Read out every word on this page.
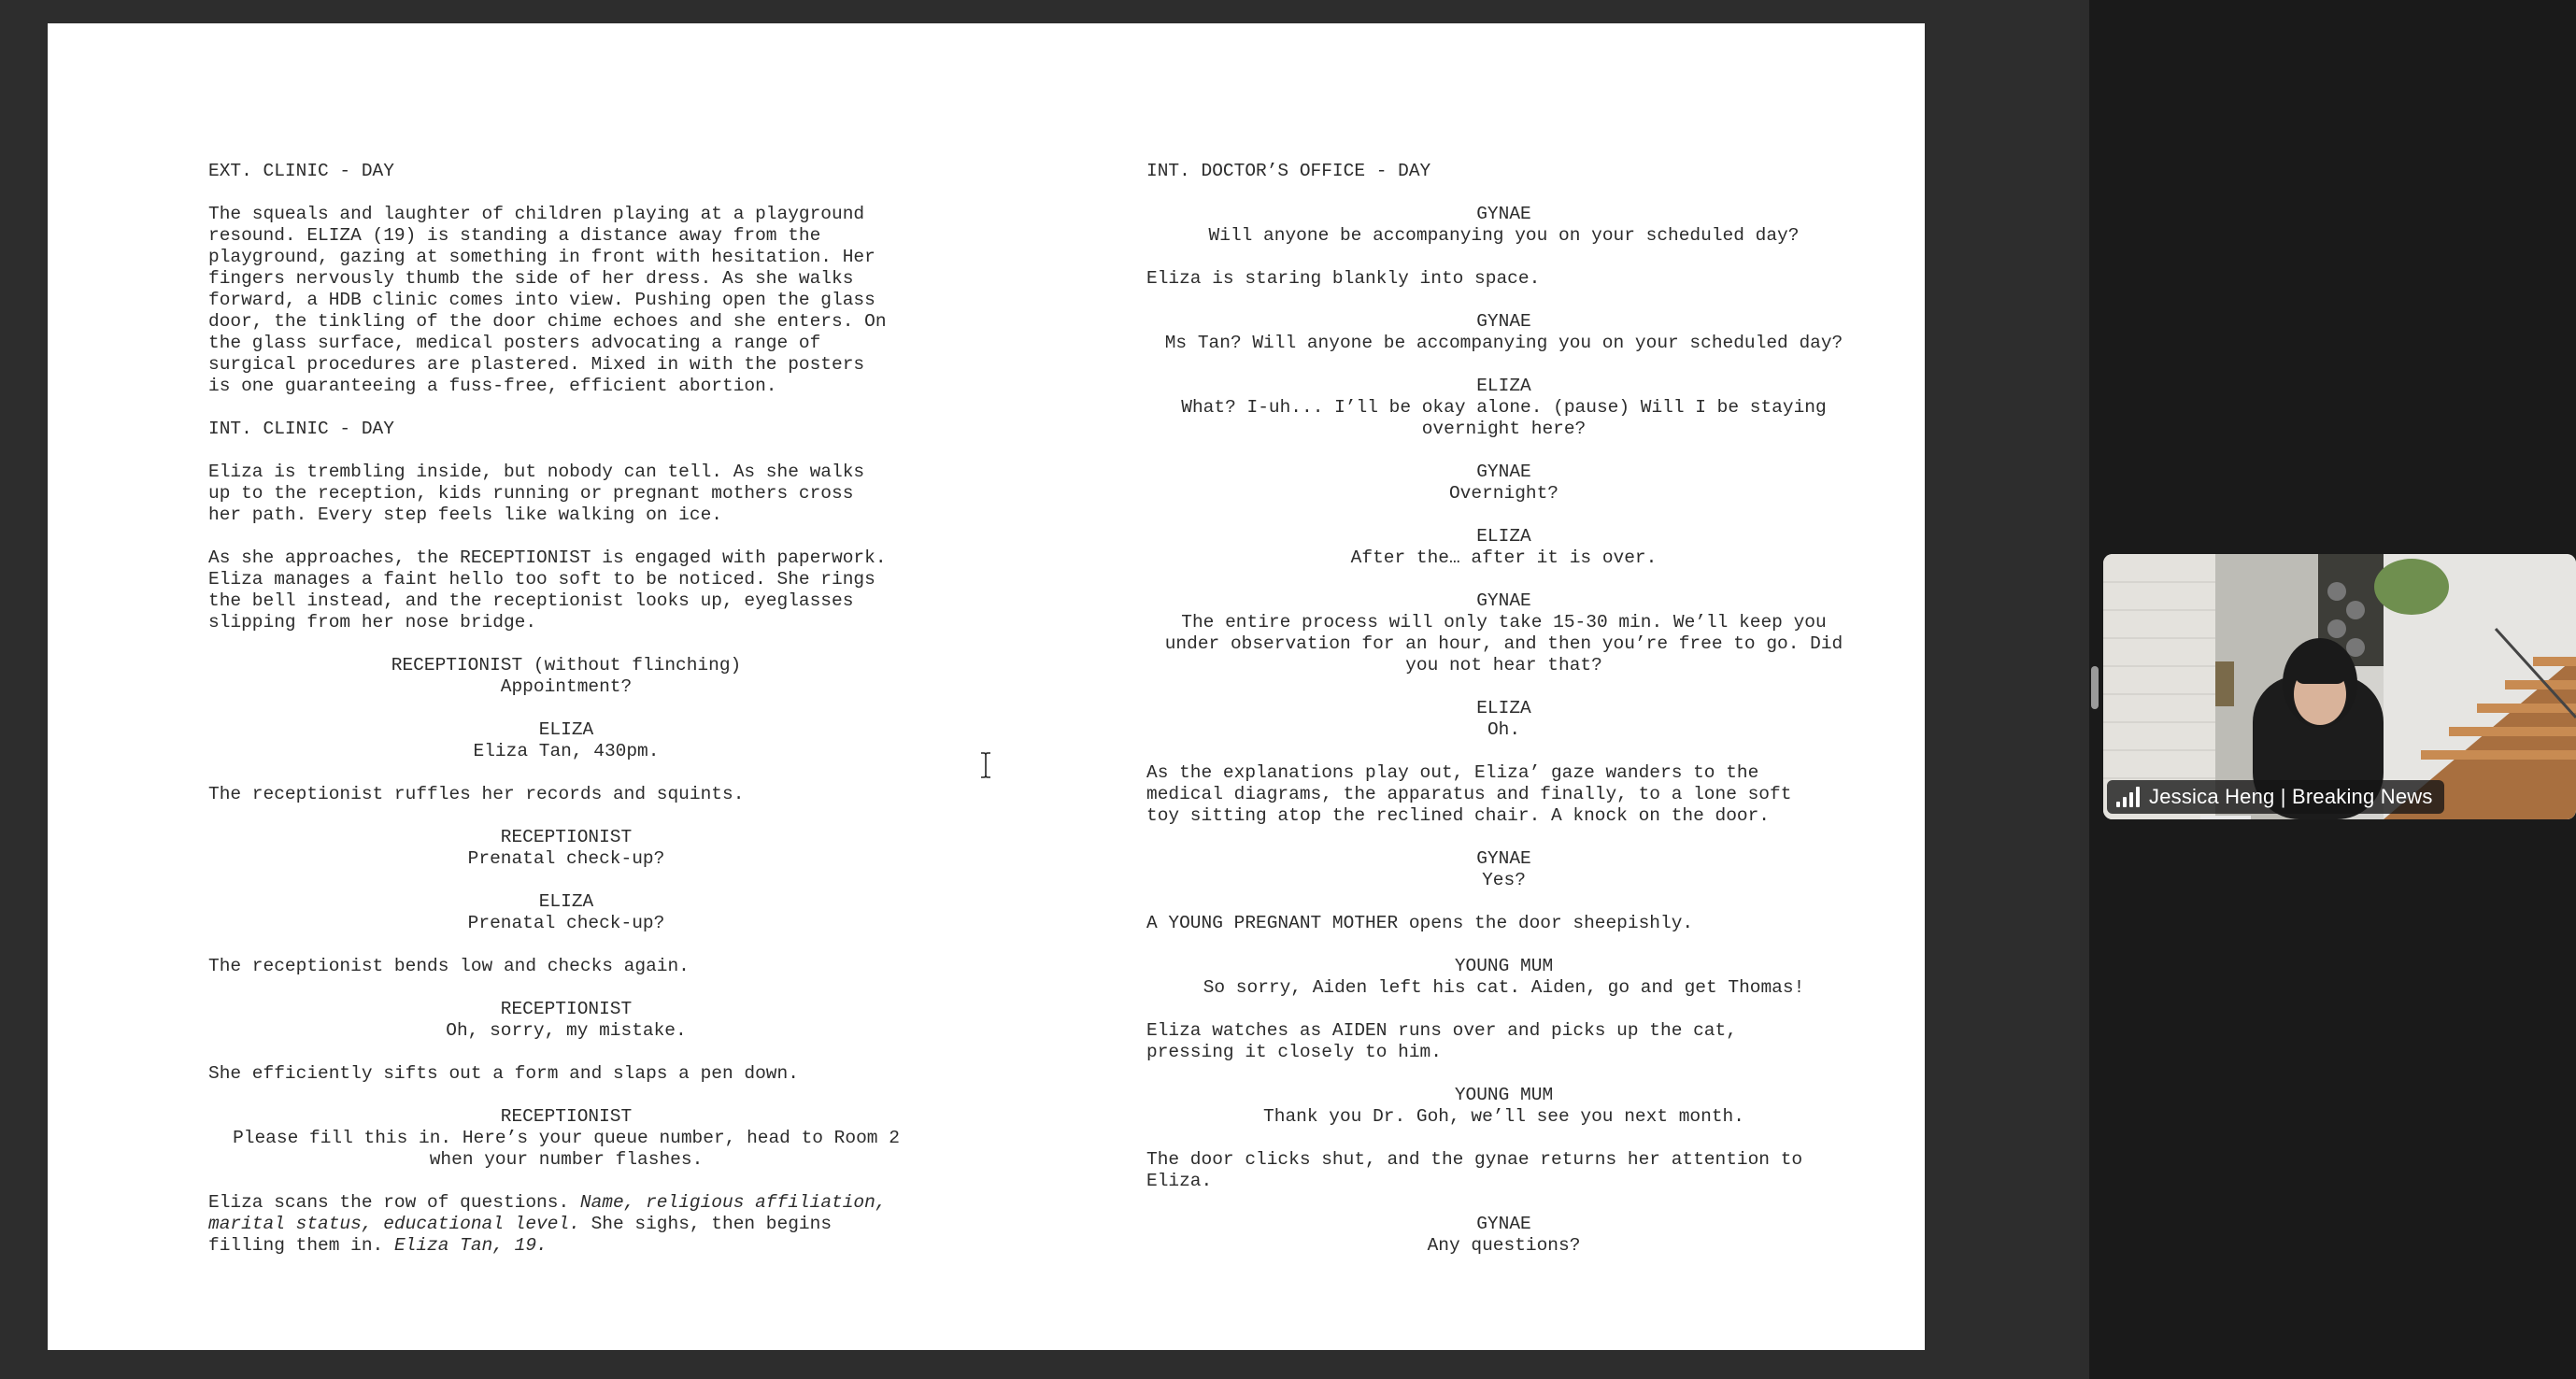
EXT. CLINIC - DAY
The squeals and laughter of children playing at a playground
resound. ELIZA (19) is standing a distance away from the
playground, gazing at something in front with hesitation. Her
fingers nervously thumb the side of her dress. As she walks
forward, a HDB clinic comes into view. Pushing open the glass
door, the tinkling of the door chime echoes and she enters. On
the glass surface, medical posters advocating a range of
surgical procedures are plastered. Mixed in with the posters
is one guaranteeing a fuss-free, efficient abortion.
INT. CLINIC - DAY
Eliza is trembling inside, but nobody can tell. As she walks
up to the reception, kids running or pregnant mothers cross
her path. Every step feels like walking on ice.
As she approaches, the RECEPTIONIST is engaged with paperwork.
Eliza manages a faint hello too soft to be noticed. She rings
the bell instead, and the receptionist looks up, eyeglasses
slipping from her nose bridge.
RECEPTIONIST (without flinching)
Appointment?
ELIZA
Eliza Tan, 430pm.
The receptionist ruffles her records and squints.
RECEPTIONIST
Prenatal check-up?
ELIZA
Prenatal check-up?
The receptionist bends low and checks again.
RECEPTIONIST
Oh, sorry, my mistake.
She efficiently sifts out a form and slaps a pen down.
RECEPTIONIST
Please fill this in. Here’s your queue number, head to Room 2
when your number flashes.
Eliza scans the row of questions. Name, religious affiliation,
marital status, educational level. She sighs, then begins
filling them in. Eliza Tan, 19.
INT. DOCTOR’S OFFICE - DAY
GYNAE
Will anyone be accompanying you on your scheduled day?
Eliza is staring blankly into space.
GYNAE
Ms Tan? Will anyone be accompanying you on your scheduled day?
ELIZA
What? I-uh... I’ll be okay alone. (pause) Will I be staying
overnight here?
GYNAE
Overnight?
ELIZA
After the… after it is over.
GYNAE
The entire process will only take 15-30 min. We’ll keep you
under observation for an hour, and then you’re free to go. Did
you not hear that?
ELIZA
Oh.
As the explanations play out, Eliza’ gaze wanders to the
medical diagrams, the apparatus and finally, to a lone soft
toy sitting atop the reclined chair. A knock on the door.
GYNAE
Yes?
A YOUNG PREGNANT MOTHER opens the door sheepishly.
YOUNG MUM
So sorry, Aiden left his cat. Aiden, go and get Thomas!
Eliza watches as AIDEN runs over and picks up the cat,
pressing it closely to him.
YOUNG MUM
Thank you Dr. Goh, we’ll see you next month.
The door clicks shut, and the gynae returns her attention to
Eliza.
GYNAE
Any questions?
Jessica Heng | Breaking News
